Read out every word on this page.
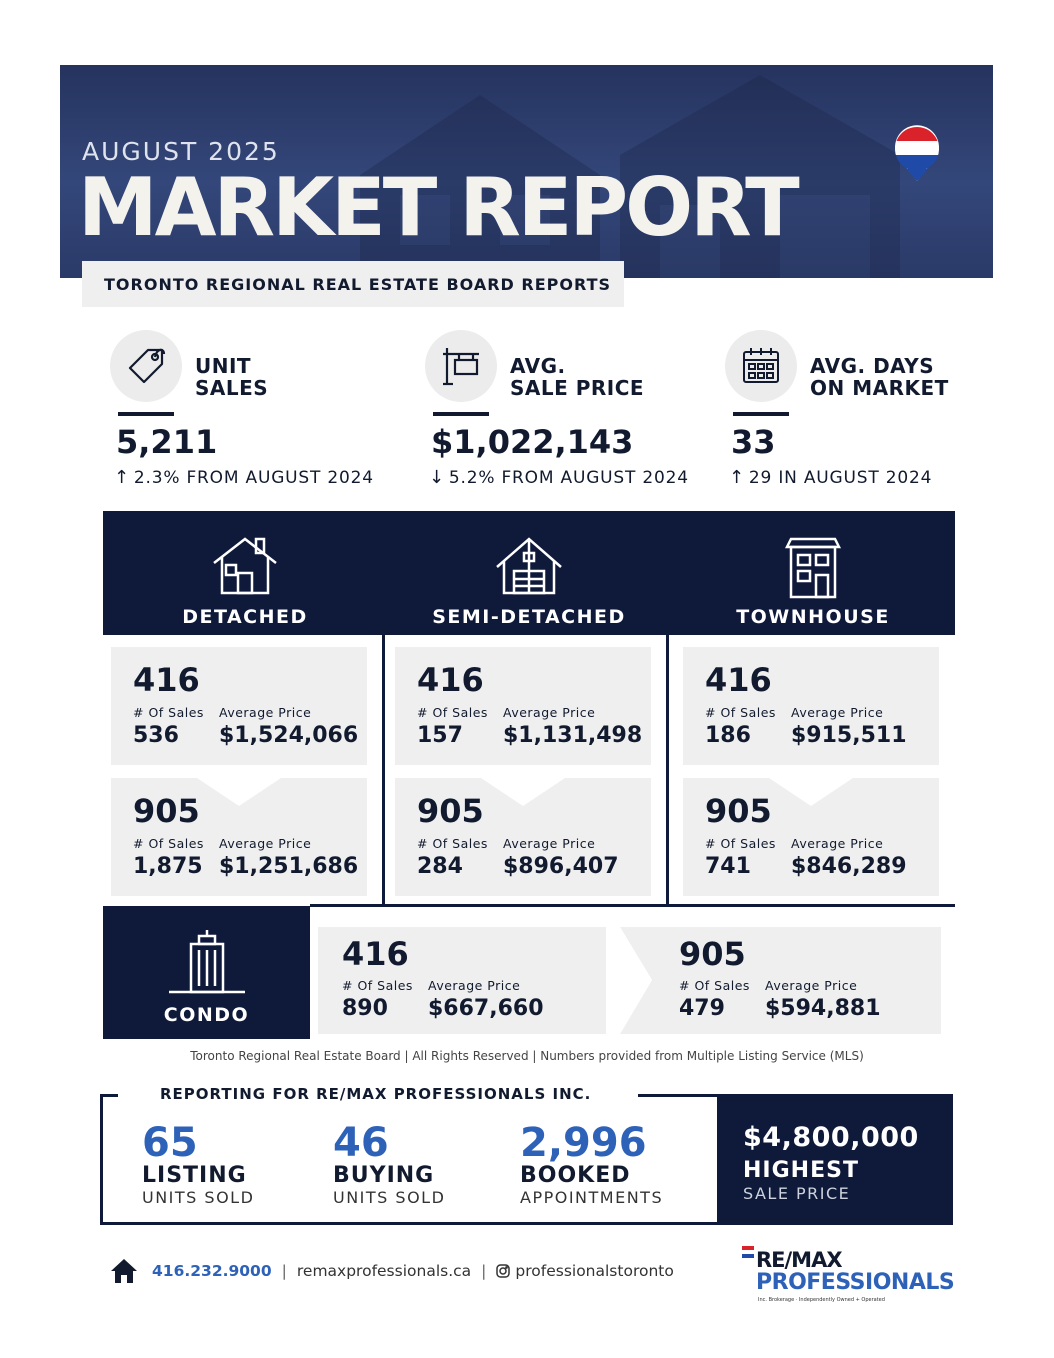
AUGUST 2025
MARKET REPORT
TORONTO REGIONAL REAL ESTATE BOARD REPORTS
UNIT
SALES
5,211
↑ 2.3% FROM AUGUST 2024
AVG.
SALE PRICE
$1,022,143
↓ 5.2% FROM AUGUST 2024
AVG. DAYS
ON MARKET
33
↑ 29 IN AUGUST 2024
DETACHED	SEMI-DETACHED	TOWNHOUSE
416
# Of Sales Average Price
536 $1,524,066
905
# Of Sales Average Price
1,875 $1,251,686
416
# Of Sales Average Price
157 $1,131,498
905
# Of Sales Average Price
284 $896,407
416
# Of Sales Average Price
186 $915,511
905
# Of Sales Average Price
741 $846,289
CONDO
416
# Of Sales Average Price
890 $667,660
905
# Of Sales Average Price
479 $594,881
Toronto Regional Real Estate Board | All Rights Reserved | Numbers provided from Multiple Listing Service (MLS)
REPORTING FOR RE/MAX PROFESSIONALS INC.
65
LISTING
UNITS SOLD
46
BUYING
UNITS SOLD
2,996
BOOKED
APPOINTMENTS
$4,800,000
HIGHEST
SALE PRICE
416.232.9000 | remaxprofessionals.ca | professionalstoronto	RE/MAX
PROFESSIONALS
Inc. Brokerage · Independently Owned + Operated
